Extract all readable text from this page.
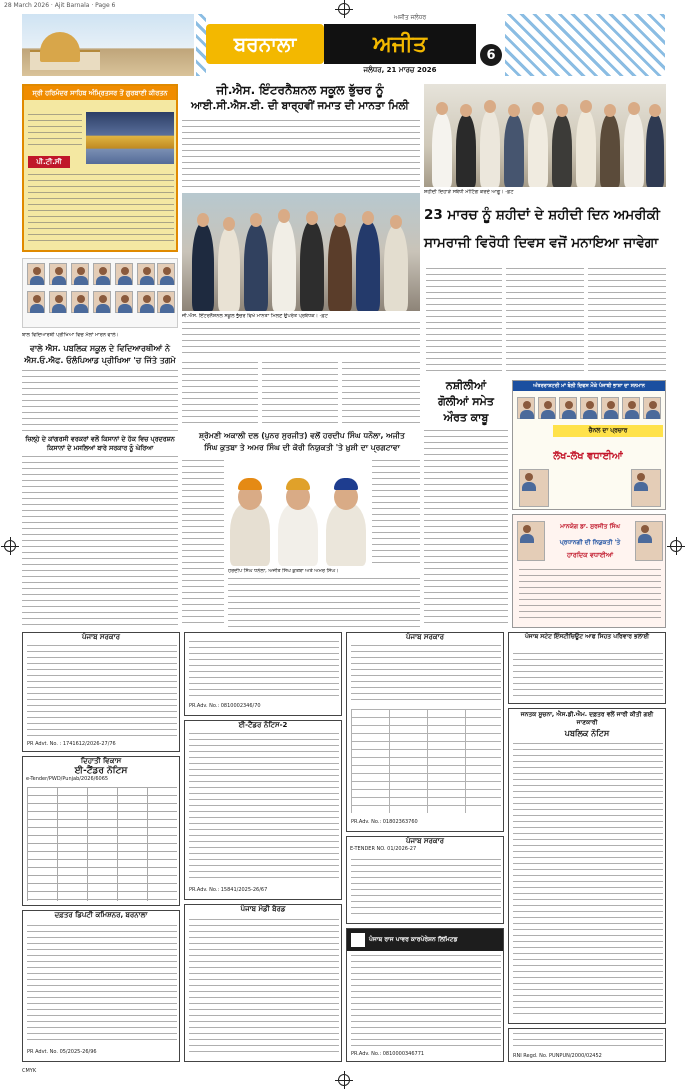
28 March 2026 · Ajit Barnala · Page 6
ਅਜੀਤ ਜਲੰਧਰ
ਬਰਨਾਲਾ	ਅਜੀਤ
ਜਲੰਧਰ, 21 ਮਾਰਚ 2026
6
ਸ੍ਰੀ ਹਰਿਮੰਦਰ ਸਾਹਿਬ ਅੰਮ੍ਰਿਤਸਰ ਤੋਂ ਗੁਰਬਾਣੀ ਕੀਰਤਨ
ਪੀ.ਟੀ.ਸੀ
ਜੀ.ਐਸ. ਇੰਟਰਨੈਸ਼ਨਲ ਸਕੂਲ ਭੁੱਚਰ ਨੂੰ
ਆਈ.ਸੀ.ਐਸ.ਈ. ਦੀ ਬਾਰ੍ਹਵੀਂ ਜਮਾਤ ਦੀ ਮਾਨਤਾ ਮਿਲੀ
ਜੀ.ਐਸ. ਇੰਟਰਨੈਸ਼ਨਲ ਸਕੂਲ ਭੁੱਚਰ ਵਿਖੇ ਮਾਨਤਾ ਮਿਲਣ ਉਪਰੰਤ ਪ੍ਰਬੰਧਕ। -ਫ਼ੋਟੋ
ਸ਼ਹੀਦੀ ਦਿਹਾੜੇ ਸਬੰਧੀ ਮੀਟਿੰਗ ਕਰਦੇ ਆਗੂ। -ਫ਼ੋਟੋ
23 ਮਾਰਚ ਨੂੰ ਸ਼ਹੀਦਾਂ ਦੇ ਸ਼ਹੀਦੀ ਦਿਨ ਅਮਰੀਕੀ
ਸਾਮਰਾਜੀ ਵਿਰੋਧੀ ਦਿਵਸ ਵਜੋਂ ਮਨਾਇਆ ਜਾਵੇਗਾ
ਬਾਲ ਵਿਦਿਆਰਥੀ ਪ੍ਰੀਖਿਆ ਵਿਚ ਮੱਲਾਂ ਮਾਰਨ ਵਾਲੇ।
ਵਾਲੇ ਐਸ. ਪਬਲਿਕ ਸਕੂਲ ਦੇ ਵਿਦਿਆਰਥੀਆਂ ਨੇ
ਐਸ.ਓ.ਐਫ. ਓਲੰਪਿਆਡ ਪ੍ਰੀਖਿਆ 'ਚ ਜਿੱਤੇ ਤਗਮੇ
ਜ਼ਿਲ੍ਹੇ ਦੇ ਕਾਂਗਰਸੀ ਵਰਕਰਾਂ ਵਲੋਂ ਕਿਸਾਨਾਂ ਦੇ ਹੱਕ ਵਿਚ ਪ੍ਰਦਰਸ਼ਨ
ਕਿਸਾਨਾਂ ਦੇ ਮਸਲਿਆਂ ਬਾਰੇ ਸਰਕਾਰ ਨੂੰ ਘੇਰਿਆ
ਸ਼੍ਰੋਮਣੀ ਅਕਾਲੀ ਦਲ (ਪੁਨਰ ਸੁਰਜੀਤ) ਵਲੋਂ ਹਰਦੀਪ ਸਿੰਘ ਧਨੌਲਾ, ਅਜੀਤ
ਸਿੰਘ ਕੁਤਬਾ ਤੇ ਅਮਰ ਸਿੰਘ ਦੀ ਕੋਰੀ ਨਿਯੁਕਤੀ 'ਤੇ ਖ਼ੁਸ਼ੀ ਦਾ ਪ੍ਰਗਟਾਵਾ
ਹਰਦੀਪ ਸਿੰਘ ਧਨੌਲਾ, ਅਜੀਤ ਸਿੰਘ ਕੁਤਬਾ ਅਤੇ ਅਮਰ ਸਿੰਘ।
ਨਸ਼ੀਲੀਆਂ
ਗੋਲੀਆਂ ਸਮੇਤ
ਔਰਤ ਕਾਬੂ
ਅੰਤਰਰਾਸ਼ਟਰੀ ਮਾਂ ਬੋਲੀ ਦਿਵਸ ਮੌਕੇ ਪੰਜਾਬੀ ਭਾਸ਼ਾ ਦਾ ਸਨਮਾਨ
ਚੈਨਲ ਦਾ ਪ੍ਰਚਾਰ
ਲੱਖ-ਲੱਖ ਵਧਾਈਆਂ
ਮਾਨਯੋਗ ਡਾ. ਸੁਰਜੀਤ ਸਿੰਘ
ਪ੍ਰਧਾਨਗੀ ਦੀ ਨਿਯੁਕਤੀ 'ਤੇ
ਹਾਰਦਿਕ ਵਧਾਈਆਂ
ਪੰਜਾਬ ਸਰਕਾਰ
PR Advt. No. : 1741612/2026-27/76
ਦਿਹਾਤੀ ਵਿਕਾਸ
ਈ-ਟੈਂਡਰ ਨੋਟਿਸ
e-Tender/PWD/Punjab/2026/6065
ਦਫ਼ਤਰ ਡਿਪਟੀ ਕਮਿਸ਼ਨਰ, ਬਰਨਾਲਾ
PR Advt. No. 05/2025-26/96
PR.Adv. No.: 0810002346/70
ਈ-ਟੈਂਡਰ ਨੋਟਿਸ-2
PR.Adv. No.: 15841/2025-26/67
ਪੰਜਾਬ ਮੰਡੀ ਬੋਰਡ
ਪੰਜਾਬ ਸਰਕਾਰ
PR.Adv. No.: 01802363760
ਪੰਜਾਬ ਸਰਕਾਰ
E-TENDER NO. 01/2026-27
ਪੰਜਾਬ ਰਾਜ ਪਾਵਰ ਕਾਰਪੋਰੇਸ਼ਨ ਲਿਮਿਟਡ
PR.Adv. No.: 0810000346771
ਪੰਜਾਬ ਸਟੇਟ ਇੰਸਟੀਚਿਊਟ ਆਫ ਸਿਹਤ ਪਰਿਵਾਰ ਭਲਾਈ
ਜਨਤਕ ਸੂਚਨਾ, ਐਸ.ਡੀ.ਐਮ. ਦਫ਼ਤਰ ਵਲੋਂ ਜਾਰੀ ਕੀਤੀ ਗਈ ਜਾਣਕਾਰੀ
ਪਬਲਿਕ ਨੋਟਿਸ
RNI Regd. No. PUNPUN/2000/02452
CMYK
